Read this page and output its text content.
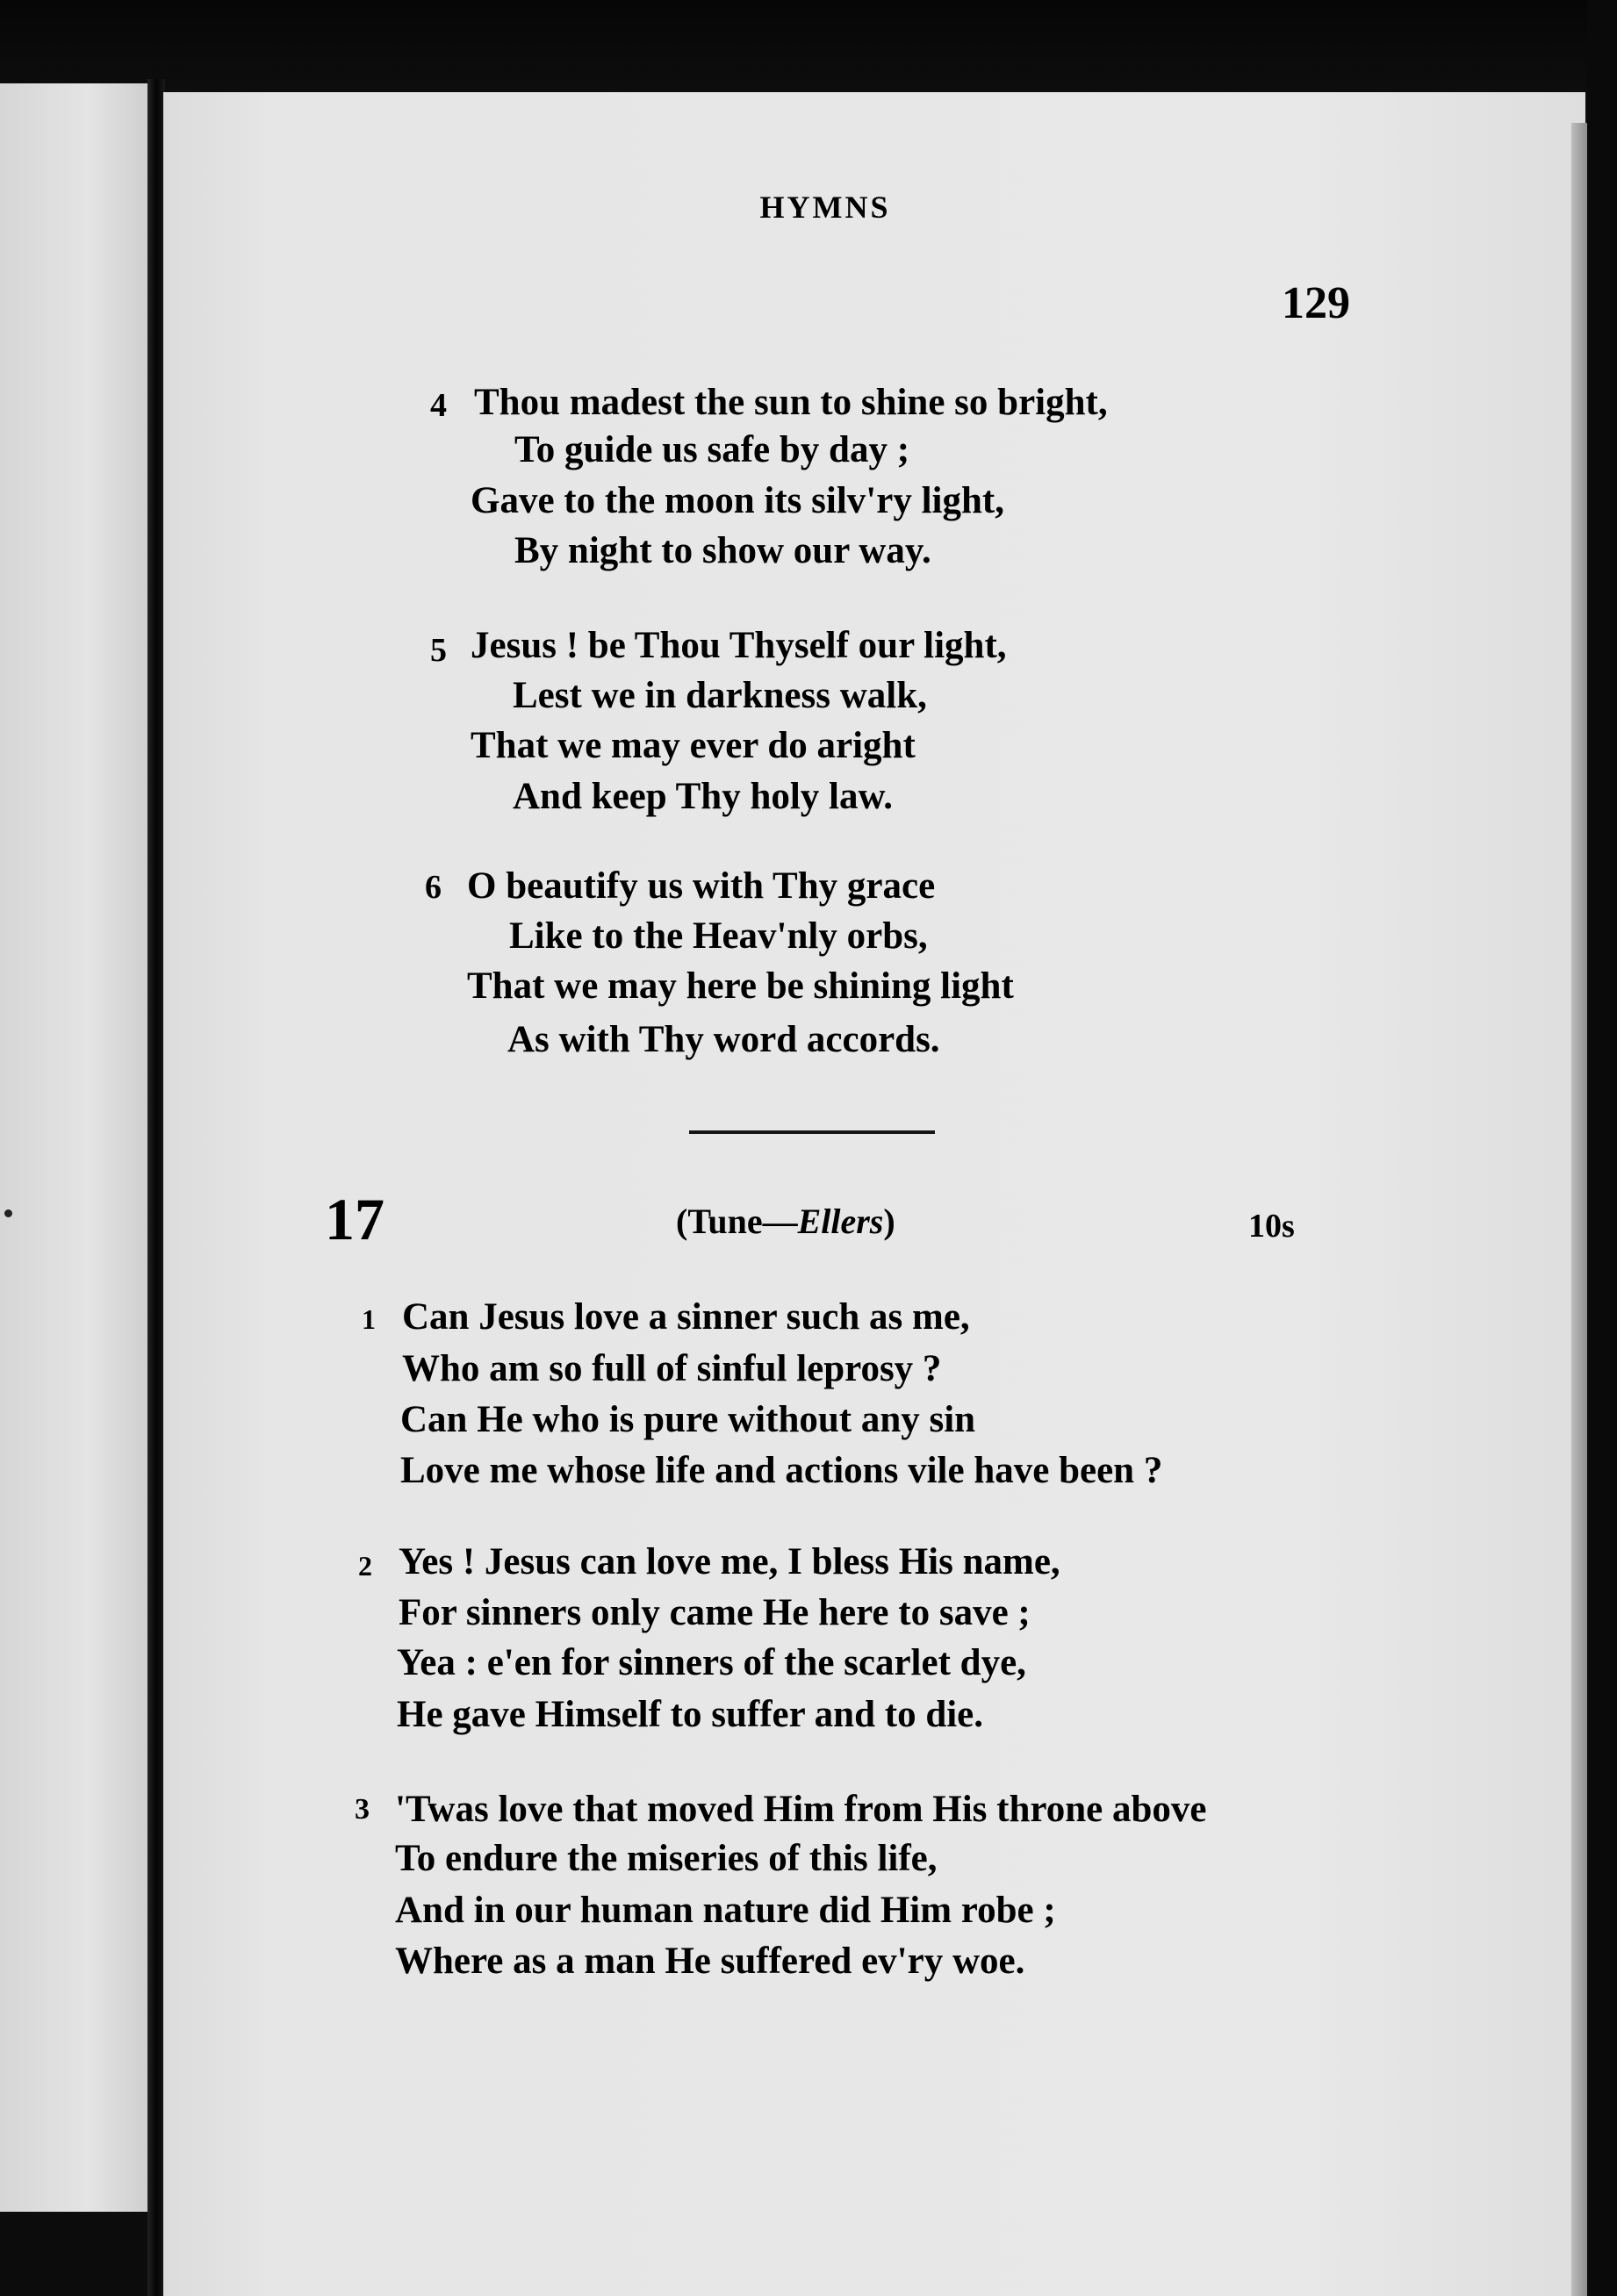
HYMNS
129
4 Thou madest the sun to shine so bright,
To guide us safe by day ;
Gave to the moon its silv'ry light,
By night to show our way.
5 Jesus ! be Thou Thyself our light,
Lest we in darkness walk,
That we may ever do aright
And keep Thy holy law.
6 O beautify us with Thy grace
Like to the Heav'nly orbs,
That we may here be shining light
As with Thy word accords.
17	(Tune—Ellers)	10s
1 Can Jesus love a sinner such as me,
Who am so full of sinful leprosy ?
Can He who is pure without any sin
Love me whose life and actions vile have been ?
2 Yes ! Jesus can love me, I bless His name,
For sinners only came He here to save ;
Yea : e'en for sinners of the scarlet dye,
He gave Himself to suffer and to die.
3 'Twas love that moved Him from His throne above
To endure the miseries of this life,
And in our human nature did Him robe ;
Where as a man He suffered ev'ry woe.
